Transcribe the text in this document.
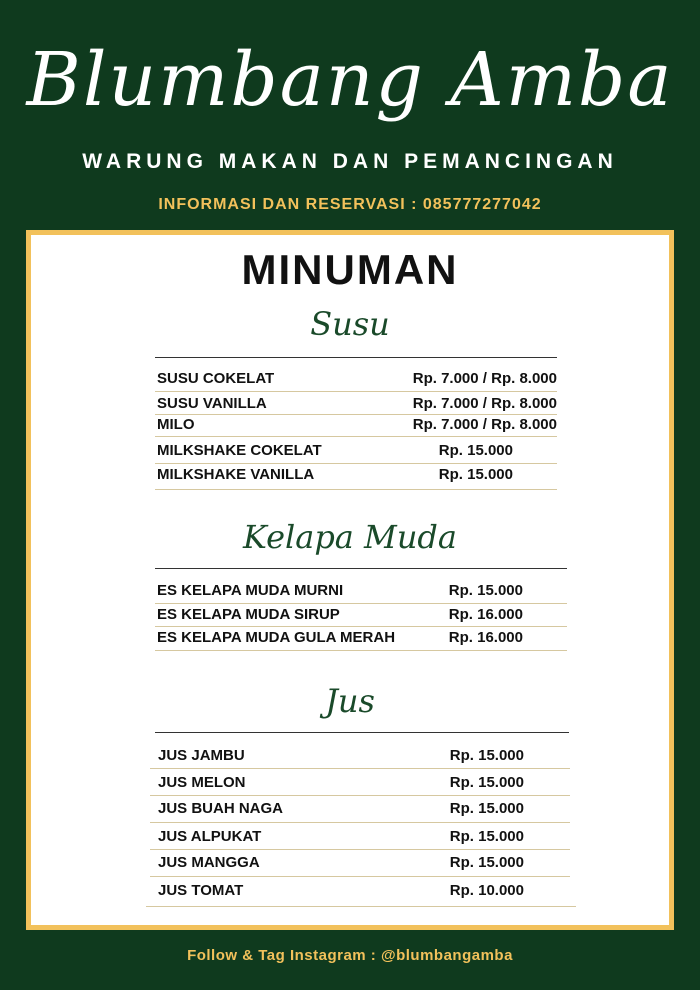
Blumbang Amba
WARUNG MAKAN DAN PEMANCINGAN
INFORMASI DAN RESERVASI : 085777277042
MINUMAN
Susu
SUSU COKELAT	Rp. 7.000 / Rp. 8.000
SUSU VANILLA	Rp. 7.000 / Rp. 8.000
MILO	Rp. 7.000 / Rp. 8.000
MILKSHAKE COKELAT	Rp. 15.000
MILKSHAKE VANILLA	Rp. 15.000
Kelapa Muda
ES KELAPA MUDA MURNI	Rp. 15.000
ES KELAPA MUDA SIRUP	Rp. 16.000
ES KELAPA MUDA GULA MERAH	Rp. 16.000
Jus
JUS JAMBU	Rp. 15.000
JUS MELON	Rp. 15.000
JUS BUAH NAGA	Rp. 15.000
JUS ALPUKAT	Rp. 15.000
JUS MANGGA	Rp. 15.000
JUS TOMAT	Rp. 10.000
Follow & Tag Instagram : @blumbangamba
